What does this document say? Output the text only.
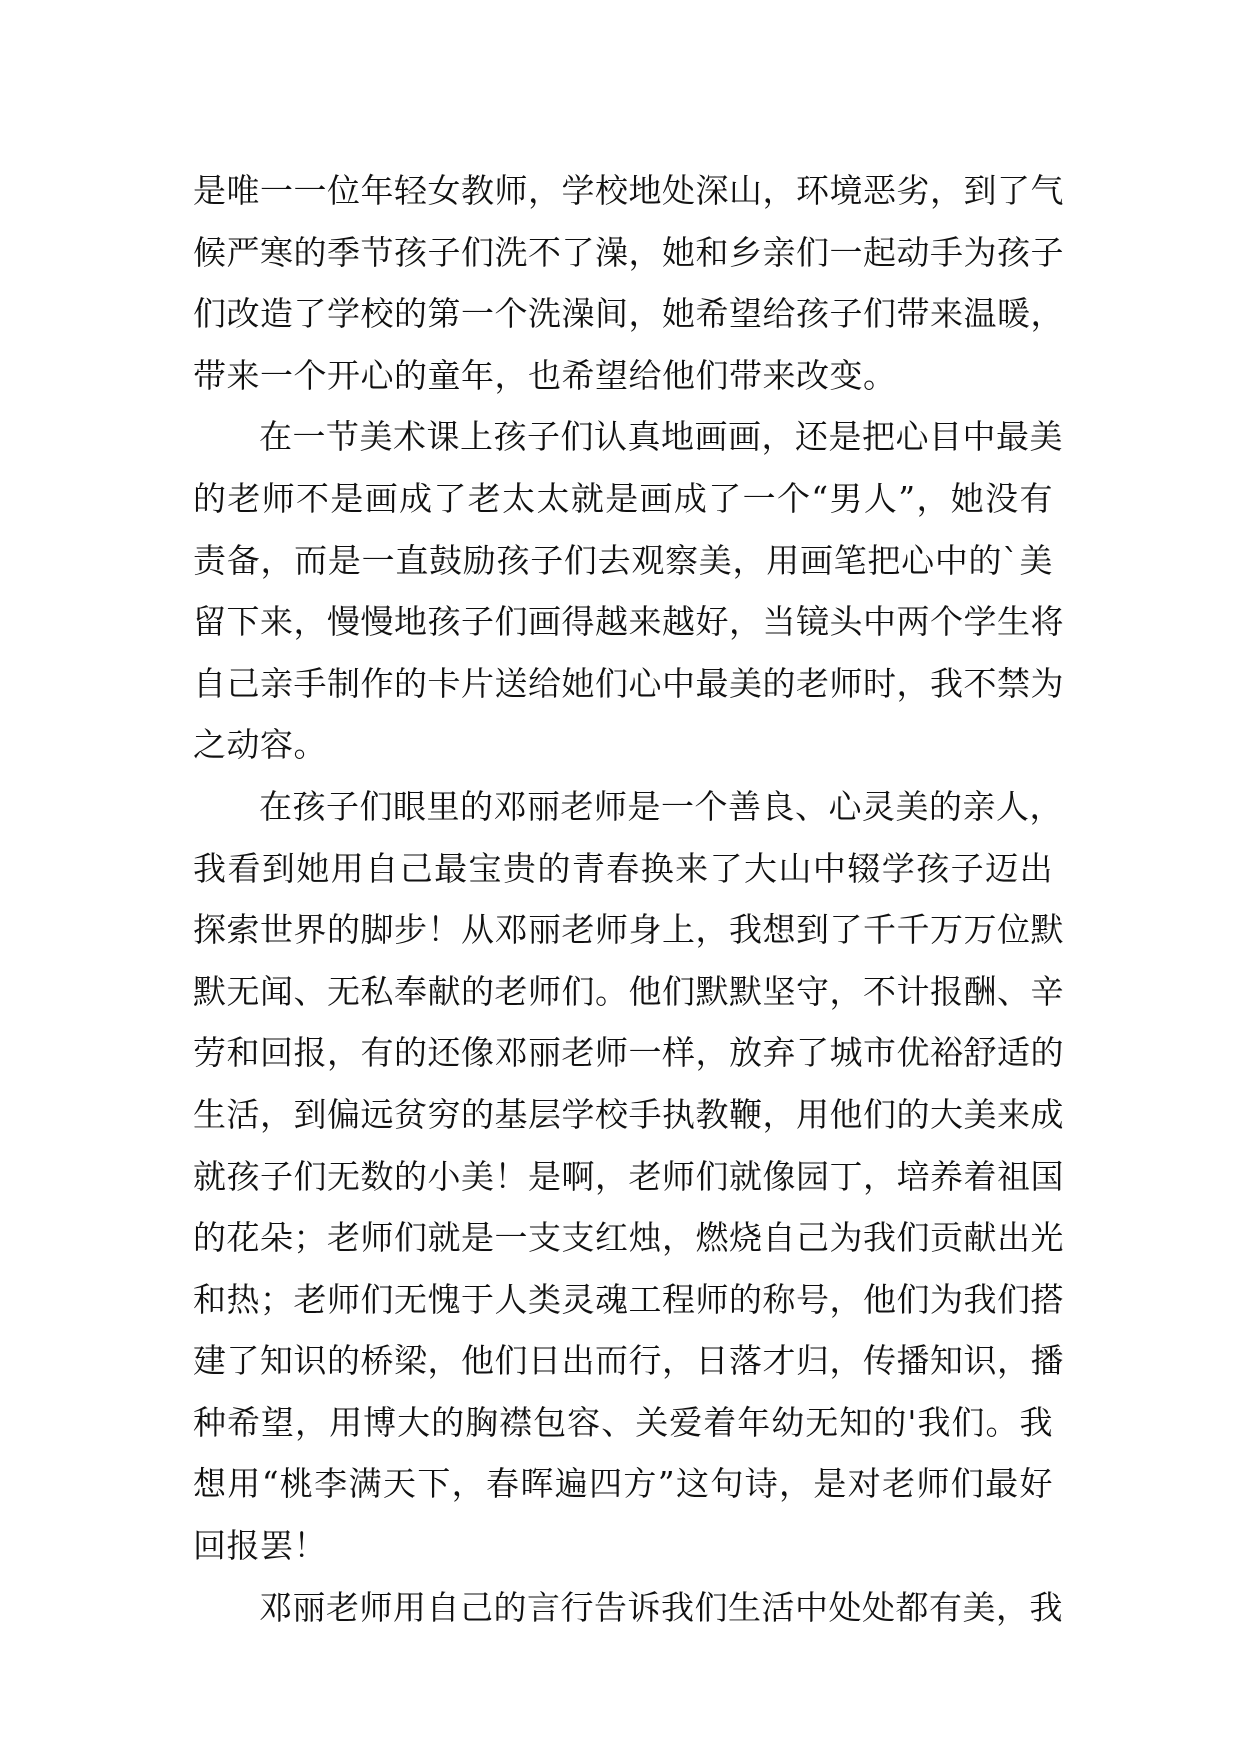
是唯一一位年轻女教师，学校地处深山，环境恶劣，到了气
候严寒的季节孩子们洗不了澡，她和乡亲们一起动手为孩子
们改造了学校的第一个洗澡间，她希望给孩子们带来温暖，
带来一个开心的童年，也希望给他们带来改变。
在一节美术课上孩子们认真地画画，还是把心目中最美
的老师不是画成了老太太就是画成了一个“男人”，她没有
责备，而是一直鼓励孩子们去观察美，用画笔把心中的`美
留下来，慢慢地孩子们画得越来越好，当镜头中两个学生将
自己亲手制作的卡片送给她们心中最美的老师时，我不禁为
之动容。
在孩子们眼里的邓丽老师是一个善良、心灵美的亲人，
我看到她用自己最宝贵的青春换来了大山中辍学孩子迈出
探索世界的脚步！从邓丽老师身上，我想到了千千万万位默
默无闻、无私奉献的老师们。他们默默坚守，不计报酬、辛
劳和回报，有的还像邓丽老师一样，放弃了城市优裕舒适的
生活，到偏远贫穷的基层学校手执教鞭，用他们的大美来成
就孩子们无数的小美！是啊，老师们就像园丁，培养着祖国
的花朵；老师们就是一支支红烛，燃烧自己为我们贡献出光
和热；老师们无愧于人类灵魂工程师的称号，他们为我们搭
建了知识的桥梁，他们日出而行，日落才归，传播知识，播
种希望，用博大的胸襟包容、关爱着年幼无知的'我们。我
想用“桃李满天下，春晖遍四方”这句诗，是对老师们最好
回报罢！
邓丽老师用自己的言行告诉我们生活中处处都有美，我
